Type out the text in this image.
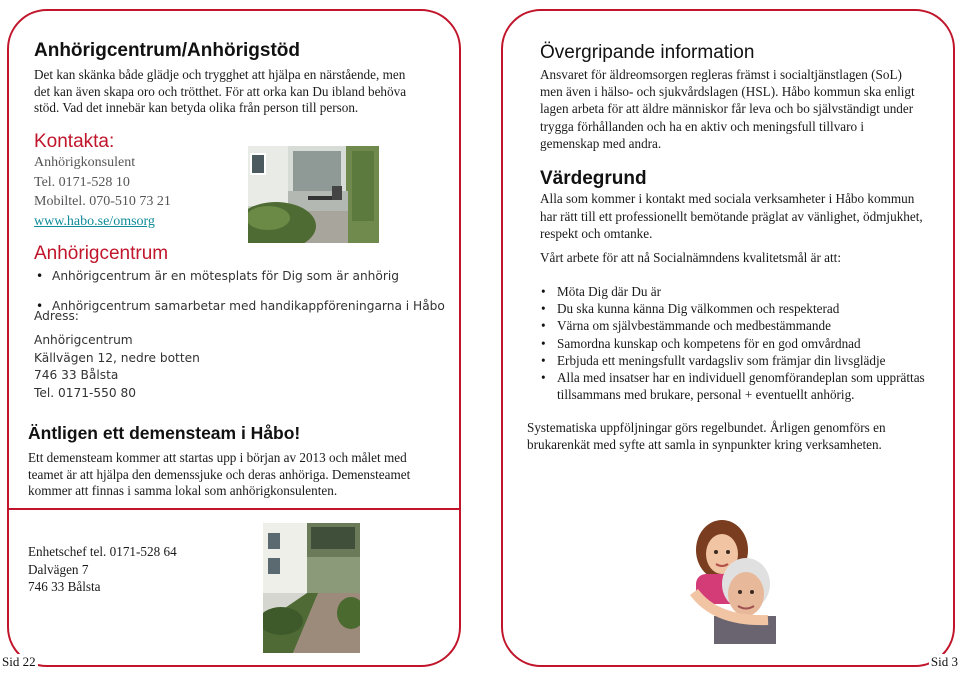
Anhörigcentrum/Anhörigstöd

Det kan skänka både glädje och trygghet att hjälpa en närstående, men det kan även skapa oro och trötthet. För att orka kan Du ibland behöva stöd. Vad det innebär kan betyda olika från person till person.

Kontakta:
Anhörigkonsulent
Tel. 0171-528 10
Mobiltel. 070-510 73 21
www.habo.se/omsorg
Anhörigcentrum
• Anhörigcentrum är en mötesplats för Dig som är anhörig
• Anhörigcentrum samarbetar med handikappföreningarna i Håbo
Adress:
Anhörigcentrum
Källvägen 12, nedre botten
746 33 Bålsta
Tel. 0171-550 80
Äntligen ett demensteam i Håbo!

Ett demensteam kommer att startas upp i början av 2013 och målet med teamet är att hjälpa den demenssjuke och deras anhöriga. Demensteamet kommer att finnas i samma lokal som anhörigkonsulenten.

Enhetschef tel. 0171-528 64
Dalvägen 7
746 33 Bålsta
Sid 22
Övergripande information

Ansvaret för äldreomsorgen regleras främst i socialtjänstlagen (SoL) men även i hälso- och sjukvårdslagen (HSL). Håbo kommun ska enligt lagen arbeta för att äldre människor får leva och bo självständigt under trygga förhållanden och ha en aktiv och meningsfull tillvaro i gemenskap med andra.

Värdegrund

Alla som kommer i kontakt med sociala verksamheter i Håbo kommun har rätt till ett professionellt bemötande präglat av vänlighet, ödmjukhet, respekt och omtanke.

Vårt arbete för att nå Socialnämndens kvalitetsmål är att:

• Möta Dig där Du är
• Du ska kunna känna Dig välkommen och respekterad
• Värna om självbestämmande och medbestämmande
• Samordna kunskap och kompetens för en god omvårdnad
• Erbjuda ett meningsfullt vardagsliv som främjar din livsglädje
• Alla med insatser har en individuell genomförandeplan som upprättas tillsammans med brukare, personal + eventuellt anhörig.

Systematiska uppföljningar görs regelbundet. Årligen genomförs en brukarenkät med syfte att samla in synpunkter kring verksamheten.

Sid 3
